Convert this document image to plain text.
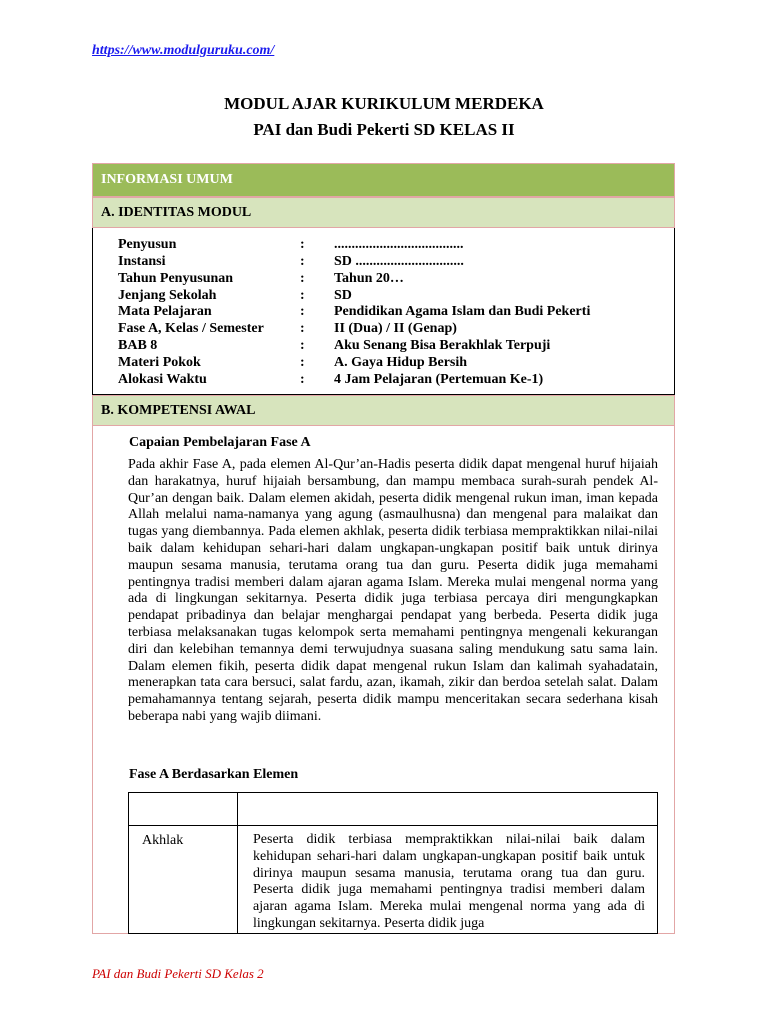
https://www.modulguruku.com/
MODUL AJAR KURIKULUM MERDEKA
PAI dan Budi Pekerti SD KELAS II
INFORMASI UMUM
A. IDENTITAS MODUL
Penyusun	: .....................................
Instansi	: SD ...............................
Tahun Penyusunan	: Tahun 20…
Jenjang Sekolah	: SD
Mata Pelajaran	: Pendidikan Agama Islam dan Budi Pekerti
Fase A, Kelas / Semester	: II (Dua) / II (Genap)
BAB 8	: Aku Senang Bisa Berakhlak Terpuji
Materi Pokok	: A. Gaya Hidup Bersih
Alokasi Waktu	: 4 Jam Pelajaran (Pertemuan Ke-1)
B. KOMPETENSI AWAL
Capaian Pembelajaran Fase A
Pada akhir Fase A, pada elemen Al-Qur’an-Hadis peserta didik dapat mengenal huruf hijaiah dan harakatnya, huruf hijaiah bersambung, dan mampu membaca surah-surah pendek Al-Qur’an dengan baik. Dalam elemen akidah, peserta didik mengenal rukun iman, iman kepada Allah melalui nama-namanya yang agung (asmaulhusna) dan mengenal para malaikat dan tugas yang diembannya. Pada elemen akhlak, peserta didik terbiasa mempraktikkan nilai-nilai baik dalam kehidupan sehari-hari dalam ungkapan-ungkapan positif baik untuk dirinya maupun sesama manusia, terutama orang tua dan guru. Peserta didik juga memahami pentingnya tradisi memberi dalam ajaran agama Islam. Mereka mulai mengenal norma yang ada di lingkungan sekitarnya. Peserta didik juga terbiasa percaya diri mengungkapkan pendapat pribadinya dan belajar menghargai pendapat yang berbeda. Peserta didik juga terbiasa melaksanakan tugas kelompok serta memahami pentingnya mengenali kekurangan diri dan kelebihan temannya demi terwujudnya suasana saling mendukung satu sama lain. Dalam elemen fikih, peserta didik dapat mengenal rukun Islam dan kalimah syahadatain, menerapkan tata cara bersuci, salat fardu, azan, ikamah, zikir dan berdoa setelah salat. Dalam pemahamannya tentang sejarah, peserta didik mampu menceritakan secara sederhana kisah beberapa nabi yang wajib diimani.
Fase A Berdasarkan Elemen
Akhlak	Peserta didik terbiasa mempraktikkan nilai-nilai baik dalam kehidupan sehari-hari dalam ungkapan-ungkapan positif baik untuk dirinya maupun sesama manusia, terutama orang tua dan guru. Peserta didik juga memahami pentingnya tradisi memberi dalam ajaran agama Islam. Mereka mulai mengenal norma yang ada di lingkungan sekitarnya. Peserta didik juga
PAI dan Budi Pekerti SD Kelas 2
